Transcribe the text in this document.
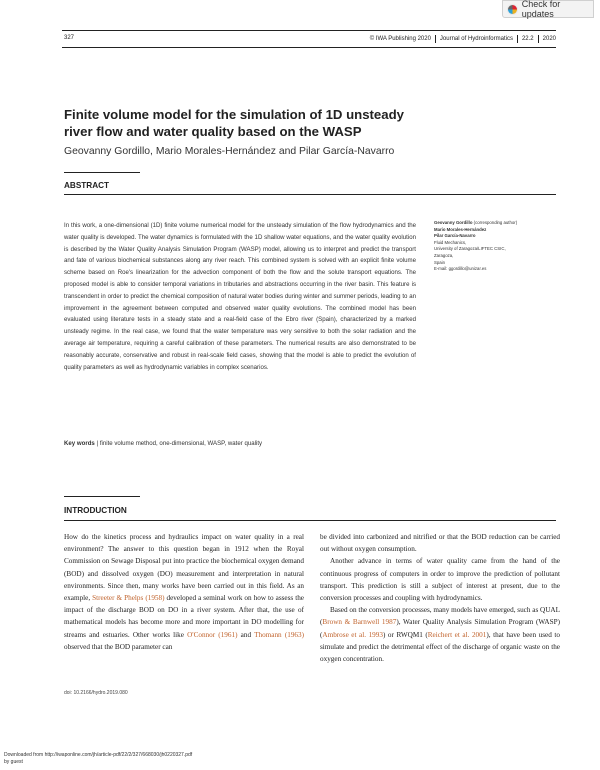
Check for updates
327	© IWA Publishing 2020 Journal of Hydroinformatics 22.2 2020
Finite volume model for the simulation of 1D unsteady river flow and water quality based on the WASP
Geovanny Gordillo, Mario Morales-Hernández and Pilar García-Navarro
ABSTRACT
In this work, a one-dimensional (1D) finite volume numerical model for the unsteady simulation of the flow hydrodynamics and the water quality is developed. The water dynamics is formulated with the 1D shallow water equations, and the water quality evolution is described by the Water Quality Analysis Simulation Program (WASP) model, allowing us to interpret and predict the transport and fate of various biochemical substances along any river reach. This combined system is solved with an explicit finite volume scheme based on Roe's linearization for the advection component of both the flow and the solute transport equations. The proposed model is able to consider temporal variations in tributaries and abstractions occurring in the river basin. This feature is transcendent in order to predict the chemical composition of natural water bodies during winter and summer periods, leading to an improvement in the agreement between computed and observed water quality evolutions. The combined model has been evaluated using literature tests in a steady state and a real-field case of the Ebro river (Spain), characterized by a marked unsteady regime. In the real case, we found that the water temperature was very sensitive to both the solar radiation and the average air temperature, requiring a careful calibration of these parameters. The numerical results are also demonstrated to be reasonably accurate, conservative and robust in real-scale field cases, showing that the model is able to predict the evolution of quality parameters as well as hydrodynamic variables in complex scenarios.
Key words | finite volume method, one-dimensional, WASP, water quality
Geovanny Gordillo (corresponding author)
Mario Morales-Hernández
Pilar García-Navarro
Fluid Mechanics,
University of Zaragoza/LIFTEC CSIC,
Zaragoza,
Spain
E-mail: ggordillo@unizar.es
INTRODUCTION

How do the kinetics process and hydraulics impact on water quality in a real environment? The answer to this question began in 1912 when the Royal Commission on Sewage Disposal put into practice the biochemical oxygen demand (BOD) and dissolved oxygen (DO) measurement and interpretation in natural environments. Since then, many works have been carried out in this field. As an example, Streeter & Phelps (1958) developed a seminal work on how to assess the impact of the discharge BOD on DO in a river system. After that, the use of mathematical models has become more and more important in DO modelling for streams and estuaries. Other works like O'Connor (1961) and Thomann (1963) observed that the BOD parameter can

be divided into carbonized and nitrified or that the BOD reduction can be carried out without oxygen consumption.

Another advance in terms of water quality came from the hand of the continuous progress of computers in order to improve the prediction of pollutant transport. This prediction is still a subject of interest at present, due to the conversion processes and coupling with hydrodynamics.

Based on the conversion processes, many models have emerged, such as QUAL (Brown & Barnwell 1987), Water Quality Analysis Simulation Program (WASP) (Ambrose et al. 1993) or RWQM1 (Reichert et al. 2001), that have been used to simulate and predict the detrimental effect of the discharge of organic waste on the oxygen concentration.

doi: 10.2166/hydro.2019.080
Downloaded from http://iwaponline.com/jh/article-pdf/22/2/327/668030/jh0220327.pdf
by guest
